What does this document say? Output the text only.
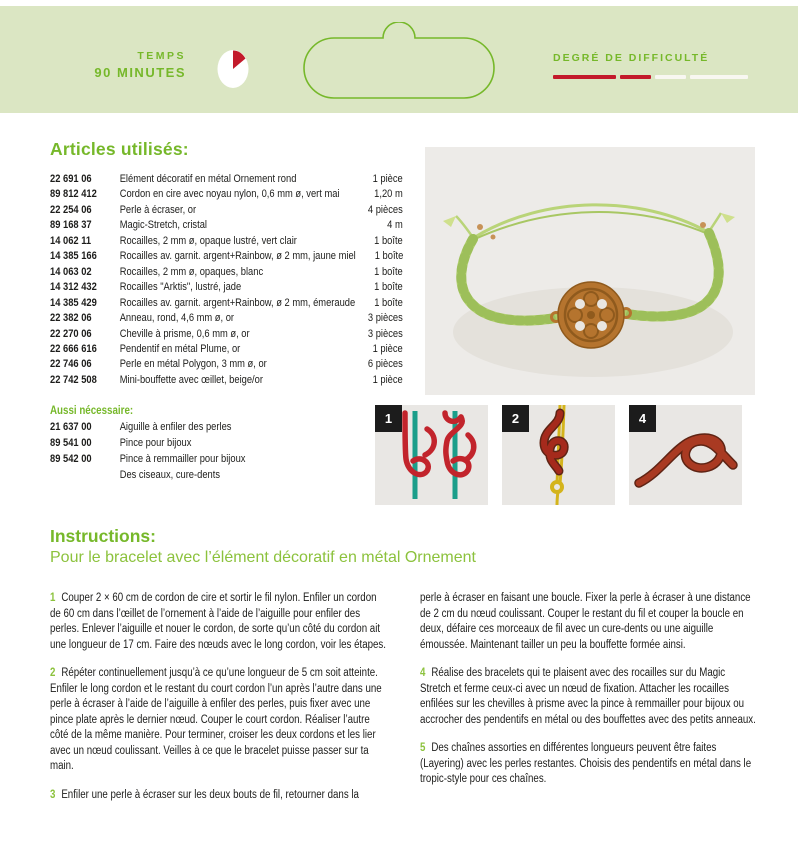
TEMPS
90 MINUTES
DEGRÉ DE DIFFICULTÉ
Articles utilisés:
22 691 06	Elément décoratif en métal Ornement rond	1 pièce
89 812 412	Cordon en cire avec noyau nylon, 0,6 mm ø, vert mai	1,20 m
22 254 06	Perle à écraser, or	4 pièces
89 168 37	Magic-Stretch, cristal	4 m
14 062 11	Rocailles, 2 mm ø, opaque lustré, vert clair	1 boîte
14 385 166	Rocailles av. garnit. argent+Rainbow, ø 2 mm, jaune miel	1 boîte
14 063 02	Rocailles, 2 mm ø, opaques, blanc	1 boîte
14 312 432	Rocailles "Arktis", lustré, jade	1 boîte
14 385 429	Rocailles av. garnit. argent+Rainbow, ø 2 mm, émeraude	1 boîte
22 382 06	Anneau, rond, 4,6 mm ø, or	3 pièces
22 270 06	Cheville à prisme, 0,6 mm ø, or	3 pièces
22 666 616	Pendentif en métal Plume, or	1 pièce
22 746 06	Perle en métal Polygon, 3 mm ø, or	6 pièces
22 742 508	Mini-bouffette avec œillet, beige/or	1 pièce
Aussi nécessaire:
21 637 00	Aiguille à enfiler des perles
89 541 00	Pince pour bijoux
89 542 00	Pince à remmailler pour bijoux
Des ciseaux, cure-dents
1	2	4
Instructions:
Pour le bracelet avec l’élément décoratif en métal Ornement

1 Couper 2 × 60 cm de cordon de cire et sortir le fil nylon. Enfiler un cordon de 60 cm dans l’œillet de l’ornement à l’aide de l’aiguille pour enfiler des perles. Enlever l’aiguille et nouer le cordon, de sorte qu’un côté du cordon ait une longueur de 17 cm. Faire des nœuds avec le long cordon, voir les étapes.

2 Répéter continuellement jusqu’à ce qu’une longueur de 5 cm soit atteinte. Enfiler le long cordon et le restant du court cordon l’un après l’autre dans une perle à écraser à l’aide de l’aiguille à enfiler des perles, puis fixer avec une pince plate après le dernier nœud. Couper le court cordon. Réaliser l’autre côté de la même manière. Pour terminer, croiser les deux cordons et les lier avec un nœud coulissant. Veilles à ce que le bracelet puisse passer sur ta main.

3 Enfiler une perle à écraser sur les deux bouts de fil, retourner dans la

perle à écraser en faisant une boucle. Fixer la perle à écraser à une distance de 2 cm du nœud coulissant. Couper le restant du fil et couper la boucle en deux, défaire ces morceaux de fil avec un cure-dents ou une aiguille émoussée. Maintenant tailler un peu la bouffette formée ainsi.

4 Réalise des bracelets qui te plaisent avec des rocailles sur du Magic Stretch et ferme ceux-ci avec un nœud de fixation. Attacher les rocailles enfilées sur les chevilles à prisme avec la pince à remmailler pour bijoux ou accrocher des pendentifs en métal ou des bouffettes avec des petits anneaux.

5 Des chaînes assorties en différentes longueurs peuvent être faites (Layering) avec les perles restantes. Choisis des pendentifs en métal dans le tropic-style pour ces chaînes.
